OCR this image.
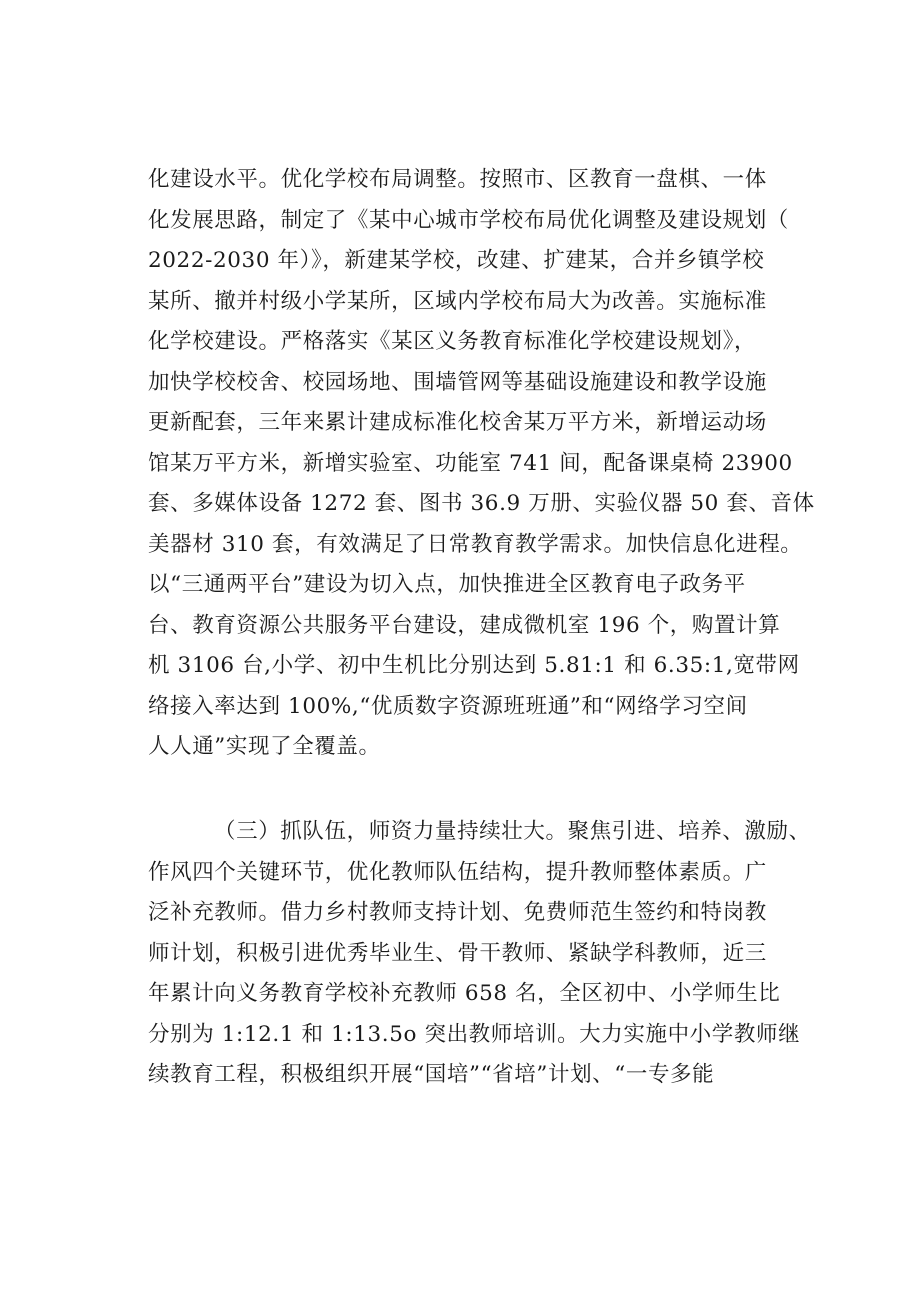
化建设水平。优化学校布局调整。按照市、区教育一盘棋、一体
化发展思路，制定了《某中心城市学校布局优化调整及建设规划（
2022-2030 年）》，新建某学校，改建、扩建某，合并乡镇学校
某所、撤并村级小学某所，区域内学校布局大为改善。实施标准
化学校建设。严格落实《某区义务教育标准化学校建设规划》，
加快学校校舍、校园场地、围墙管网等基础设施建设和教学设施
更新配套，三年来累计建成标准化校舍某万平方米，新增运动场
馆某万平方米，新增实验室、功能室 741 间，配备课桌椅 23900
套、多媒体设备 1272 套、图书 36.9 万册、实验仪器 50 套、音体
美器材 310 套，有效满足了日常教育教学需求。加快信息化进程。
以“三通两平台”建设为切入点，加快推进全区教育电子政务平
台、教育资源公共服务平台建设，建成微机室 196 个，购置计算
机 3106 台,小学、初中生机比分别达到 5.81:1 和 6.35:1,宽带网
络接入率达到 100%,“优质数字资源班班通”和“网络学习空间
人人通”实现了全覆盖。
（三）抓队伍，师资力量持续壮大。聚焦引进、培养、激励、
作风四个关键环节，优化教师队伍结构，提升教师整体素质。广
泛补充教师。借力乡村教师支持计划、免费师范生签约和特岗教
师计划，积极引进优秀毕业生、骨干教师、紧缺学科教师，近三
年累计向义务教育学校补充教师 658 名，全区初中、小学师生比
分别为 1:12.1 和 1:13.5o 突出教师培训。大力实施中小学教师继
续教育工程，积极组织开展“国培”“省培”计划、“一专多能
